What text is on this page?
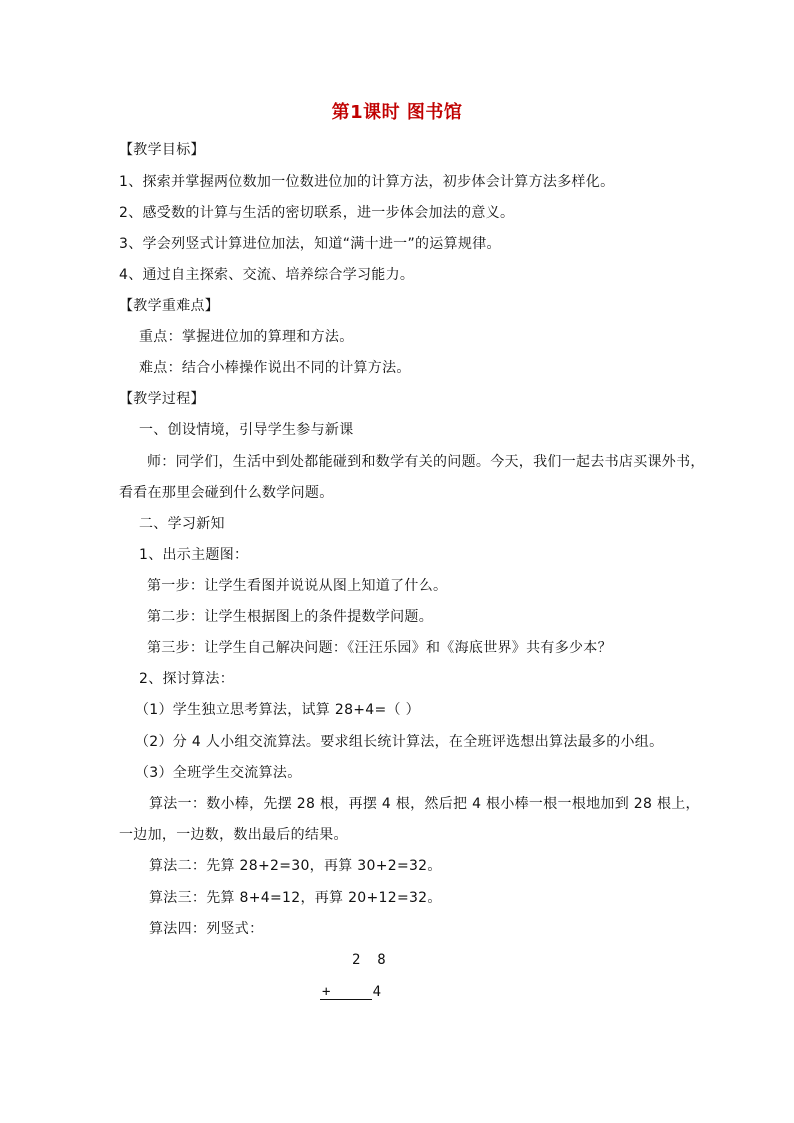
第1课时 图书馆
【教学目标】
1、探索并掌握两位数加一位数进位加的计算方法，初步体会计算方法多样化。
2、感受数的计算与生活的密切联系，进一步体会加法的意义。
3、学会列竖式计算进位加法，知道“满十进一”的运算规律。
4、通过自主探索、交流、培养综合学习能力。
【教学重难点】
重点：掌握进位加的算理和方法。
难点：结合小棒操作说出不同的计算方法。
【教学过程】
一、创设情境，引导学生参与新课
师：同学们，生活中到处都能碰到和数学有关的问题。今天，我们一起去书店买课外书，
看看在那里会碰到什么数学问题。
二、学习新知
1、出示主题图：
第一步：让学生看图并说说从图上知道了什么。
第二步：让学生根据图上的条件提数学问题。
第三步：让学生自己解决问题：《汪汪乐园》和《海底世界》共有多少本？
2、探讨算法：
（1）学生独立思考算法，试算 28+4=（ ）
（2）分 4 人小组交流算法。要求组长统计算法，在全班评选想出算法最多的小组。
（3）全班学生交流算法。
算法一：数小棒，先摆 28 根，再摆 4 根，然后把 4 根小棒一根一根地加到 28 根上，
一边加，一边数，数出最后的结果。
算法二：先算 28+2=30，再算 30+2=32。
算法三：先算 8+4=12，再算 20+12=32。
算法四：列竖式：
2  8
+     4
